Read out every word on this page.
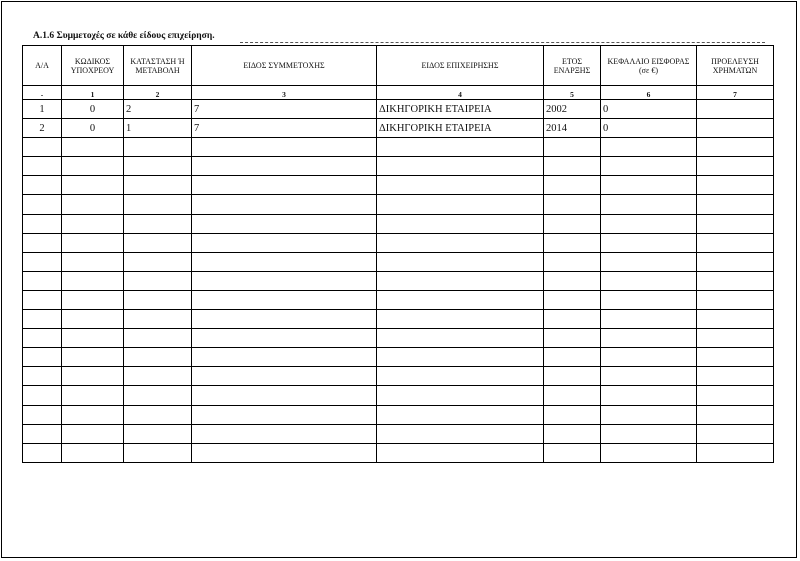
Α.1.6 Συμμετοχές σε κάθε είδους επιχείρηση.
Α/Α	ΚΩΔΙΚΟΣ ΥΠΟΧΡΕΟΥ	ΚΑΤΑΣΤΑΣΗ Ή ΜΕΤΑΒΟΛΗ	ΕΙΔΟΣ ΣΥΜΜΕΤΟΧΗΣ	ΕΙΔΟΣ ΕΠΙΧΕΙΡΗΣΗΣ	ΕΤΟΣ ΕΝΑΡΞΗΣ	ΚΕΦΑΛΑΙΟ ΕΙΣΦΟΡΑΣ (σε €)	ΠΡΟΕΛΕΥΣΗ ΧΡΗΜΑΤΩΝ
-	1	2	3	4	5	6	7
1	0	2	7	ΔΙΚΗΓΟΡΙΚΗ ΕΤΑΙΡΕΙΑ	2002	0	
2	0	1	7	ΔΙΚΗΓΟΡΙΚΗ ΕΤΑΙΡΕΙΑ	2014	0	
